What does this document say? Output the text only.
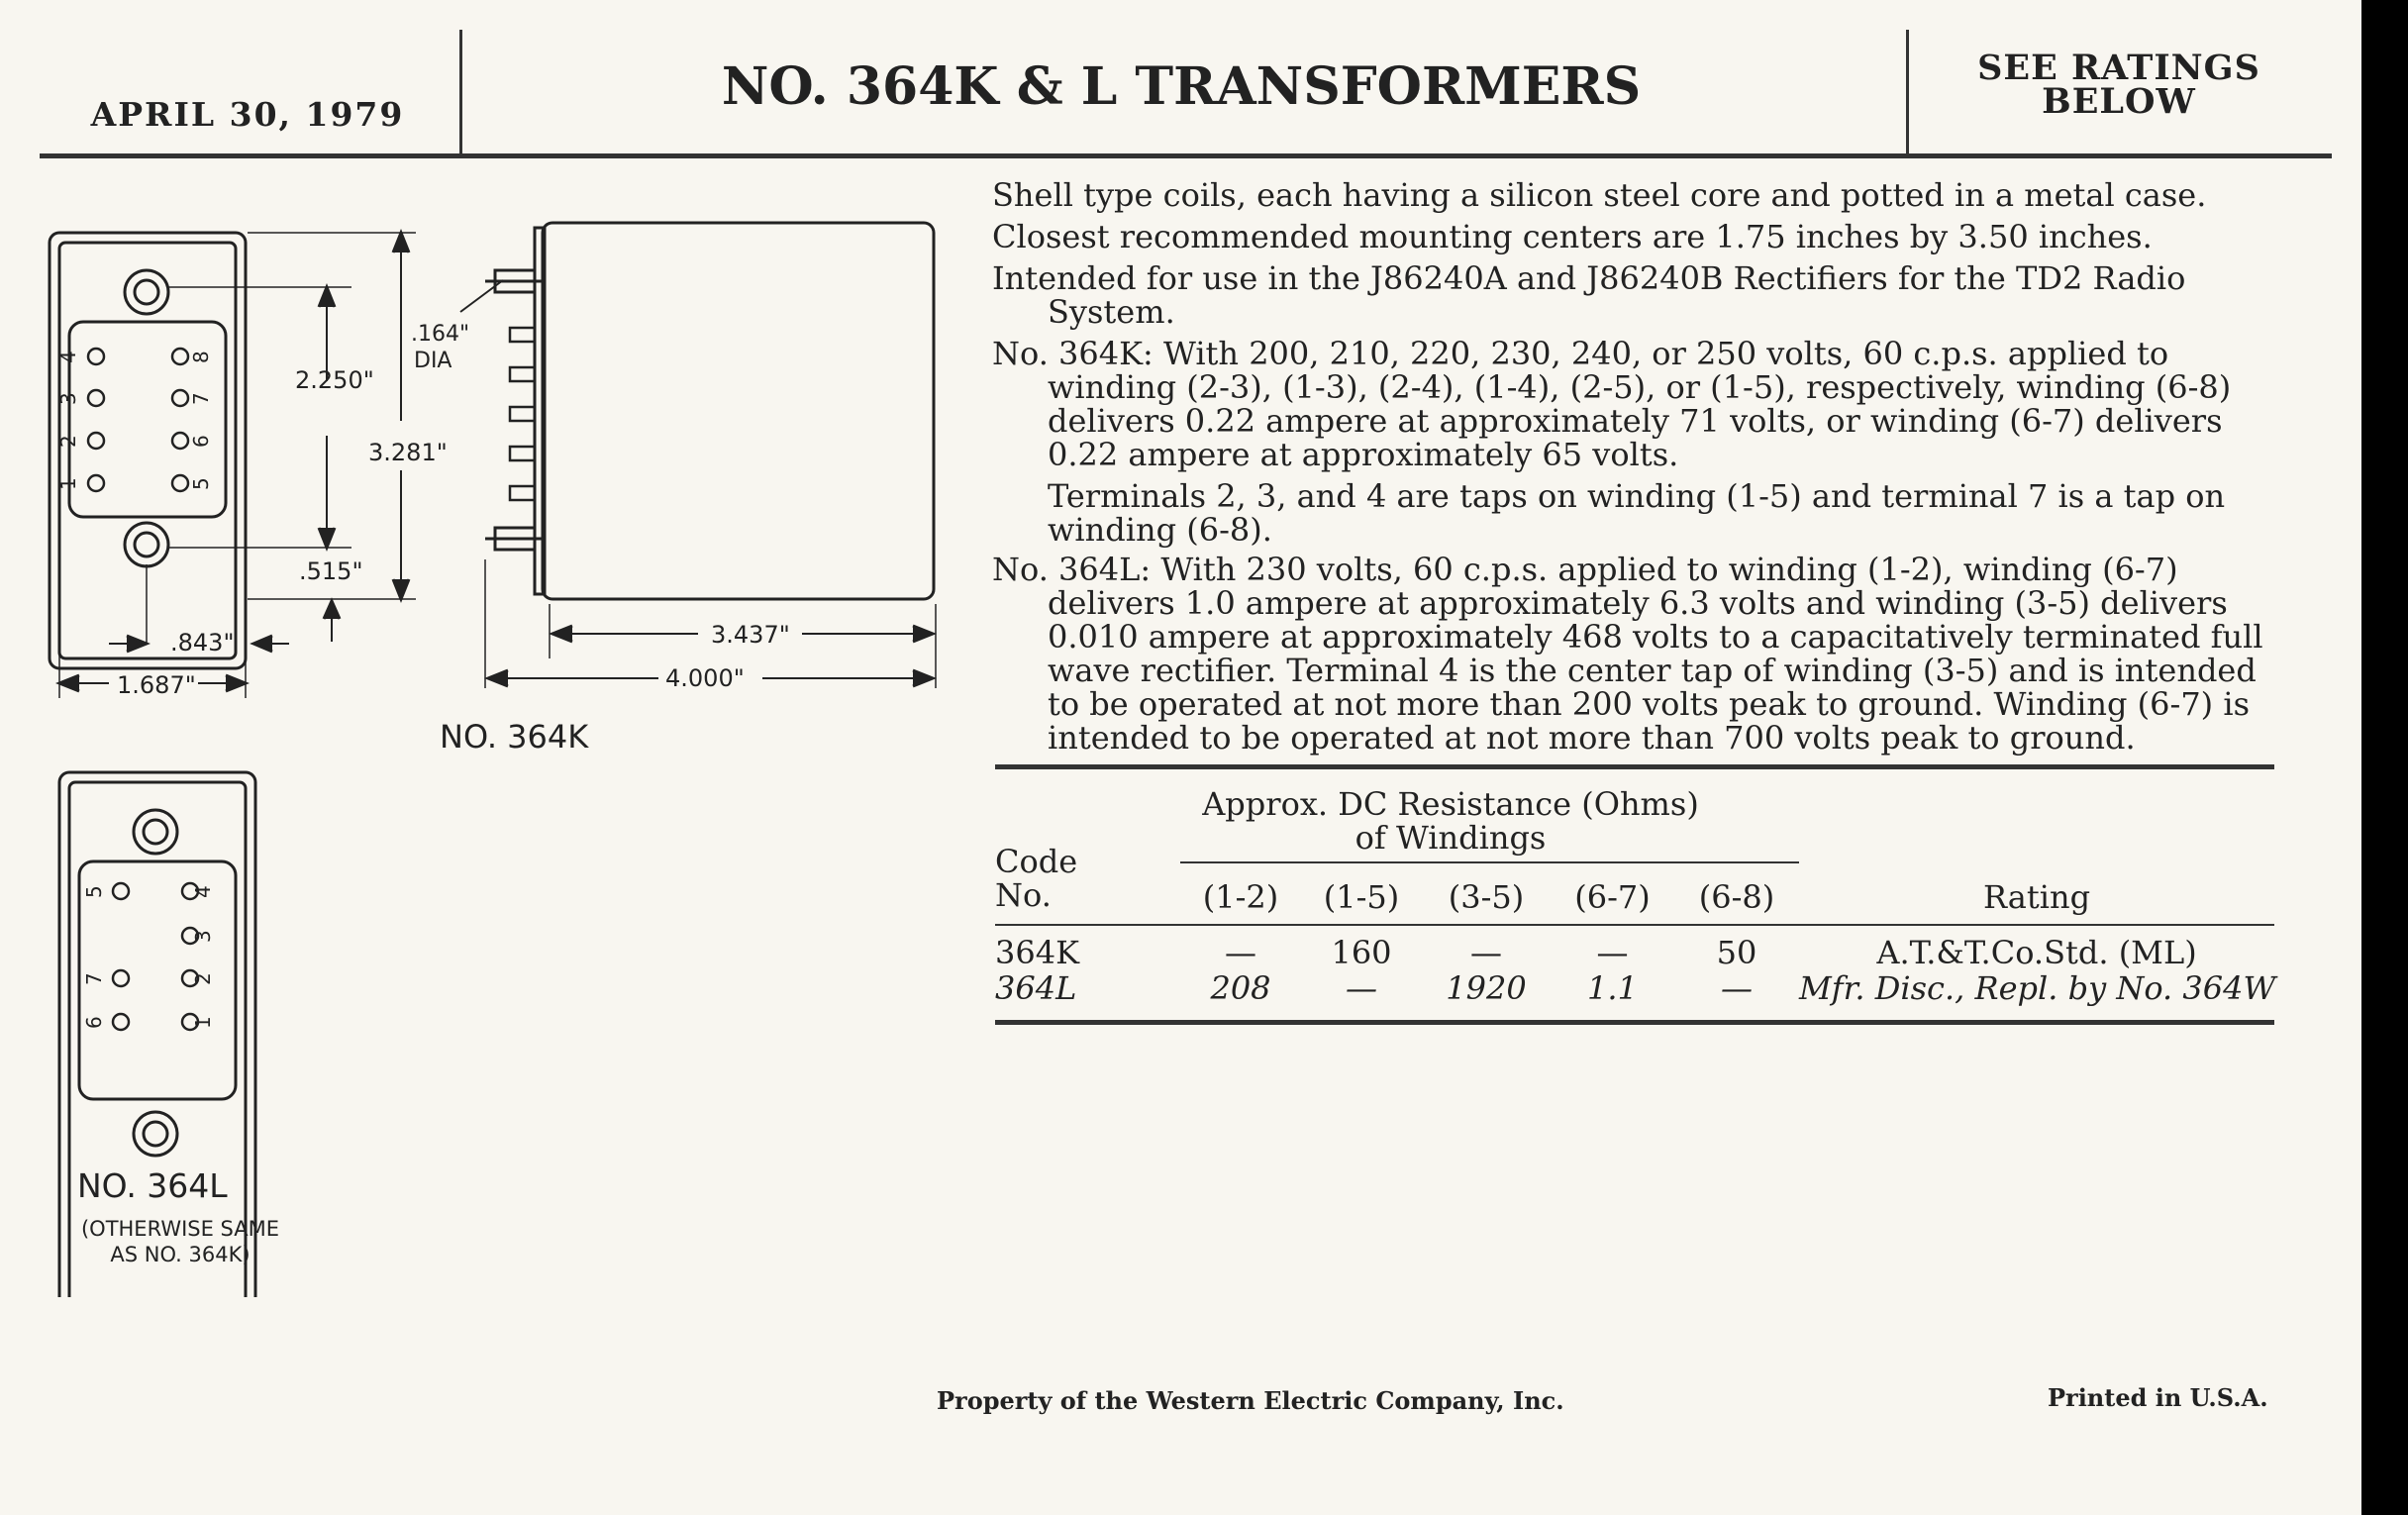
APRIL 30, 1979	NO. 364K & L TRANSFORMERS	SEE RATINGS
BELOW
4
3
2
1
8
7
6
5
5	4
3
7	2
6	1
2.250"
3.281"
.515"
.843"
1.687"
.164"
DIA
3.437"
4.000"
NO. 364K
NO. 364L
(OTHERWISE SAME
AS NO. 364K)

Shell type coils, each having a silicon steel core and potted in a metal case.

Closest recommended mounting centers are 1.75 inches by 3.50 inches.

Intended for use in the J86240A and J86240B Rectifiers for the TD2 Radio System.

No. 364K: With 200, 210, 220, 230, 240, or 250 volts, 60 c.p.s. applied to winding (2-3), (1-3), (2-4), (1-4), (2-5), or (1-5), respectively, winding (6-8) delivers 0.22 ampere at approximately 71 volts, or winding (6-7) delivers 0.22 ampere at approximately 65 volts.

Terminals 2, 3, and 4 are taps on winding (1-5) and terminal 7 is a tap on winding (6-8).

No. 364L: With 230 volts, 60 c.p.s. applied to winding (1-2), winding (6-7) delivers 1.0 ampere at approximately 6.3 volts and winding (3-5) delivers 0.010 ampere at approximately 468 volts to a capacitatively terminated full wave rectifier. Terminal 4 is the center tap of winding (3-5) and is intended to be operated at not more than 200 volts peak to ground. Winding (6-7) is intended to be operated at not more than 700 volts peak to ground.

Approx. DC Resistance (Ohms)
of Windings
Code
No.	(1-2)	(1-5)	(3-5)	(6-7)	(6-8)	Rating
364K	—	160	—	—	50	A.T.&T.Co.Std. (ML)
364L	208	—	1920	1.1	—	Mfr. Disc., Repl. by No. 364W
Property of the Western Electric Company, Inc.	Printed in U.S.A.
